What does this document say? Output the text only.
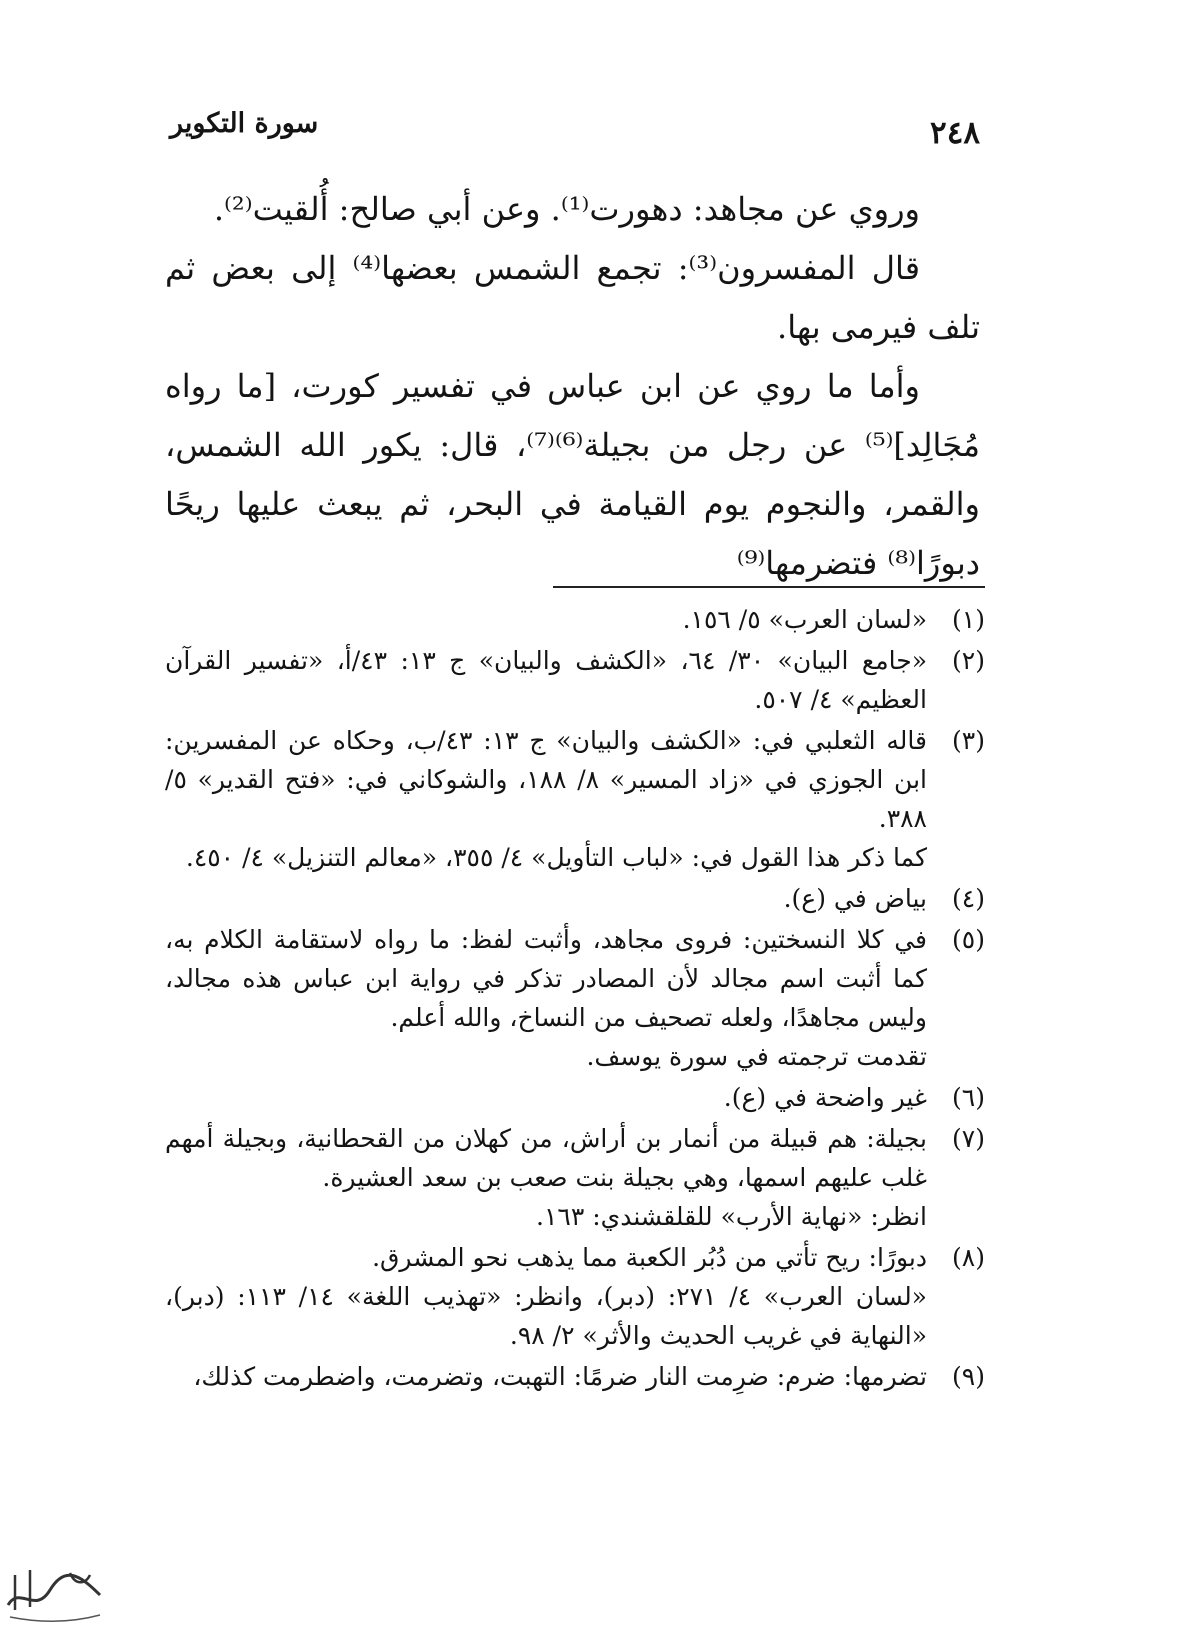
سورة التكوير	٢٤٨

وروي عن مجاهد: دهورت⁽¹⁾. وعن أبي صالح: أُلقيت⁽²⁾.

قال المفسرون⁽³⁾: تجمع الشمس بعضها⁽⁴⁾ إلى بعض ثم تلف فيرمى بها.

وأما ما روي عن ابن عباس في تفسير كورت، [ما رواه مُجَالِد]⁽⁵⁾ عن رجل من بجيلة⁽⁶⁾⁽⁷⁾، قال: يكور الله الشمس، والقمر، والنجوم يوم القيامة في البحر، ثم يبعث عليها ريحًا دبورًا⁽⁸⁾ فتضرمها⁽⁹⁾

(١)
«لسان العرب» ٥/ ١٥٦.
(٢)
«جامع البيان» ٣٠/ ٦٤، «الكشف والبيان» ج ١٣: ٤٣/أ، «تفسير القرآن العظيم» ٤/ ٥٠٧.
(٣)
قاله الثعلبي في: «الكشف والبيان» ج ١٣: ٤٣/ب، وحكاه عن المفسرين: ابن الجوزي في «زاد المسير» ٨/ ١٨٨، والشوكاني في: «فتح القدير» ٥/ ٣٨٨.
كما ذكر هذا القول في: «لباب التأويل» ٤/ ٣٥٥، «معالم التنزيل» ٤/ ٤٥٠.
(٤)
بياض في (ع).
(٥)
في كلا النسختين: فروى مجاهد، وأثبت لفظ: ما رواه لاستقامة الكلام به، كما أثبت اسم مجالد لأن المصادر تذكر في رواية ابن عباس هذه مجالد، وليس مجاهدًا، ولعله تصحيف من النساخ، والله أعلم.
تقدمت ترجمته في سورة يوسف.
(٦)
غير واضحة في (ع).
(٧)
بجيلة: هم قبيلة من أنمار بن أراش، من كهلان من القحطانية، وبجيلة أمهم غلب عليهم اسمها، وهي بجيلة بنت صعب بن سعد العشيرة.
انظر: «نهاية الأرب» للقلقشندي: ١٦٣.
(٨)
دبورًا: ريح تأتي من دُبُر الكعبة مما يذهب نحو المشرق.
«لسان العرب» ٤/ ٢٧١: (دبر)، وانظر: «تهذيب اللغة» ١٤/ ١١٣: (دبر)، «النهاية في غريب الحديث والأثر» ٢/ ٩٨.
(٩)
تضرمها: ضرم: ضرِمت النار ضرمًا: التهبت، وتضرمت، واضطرمت كذلك،
